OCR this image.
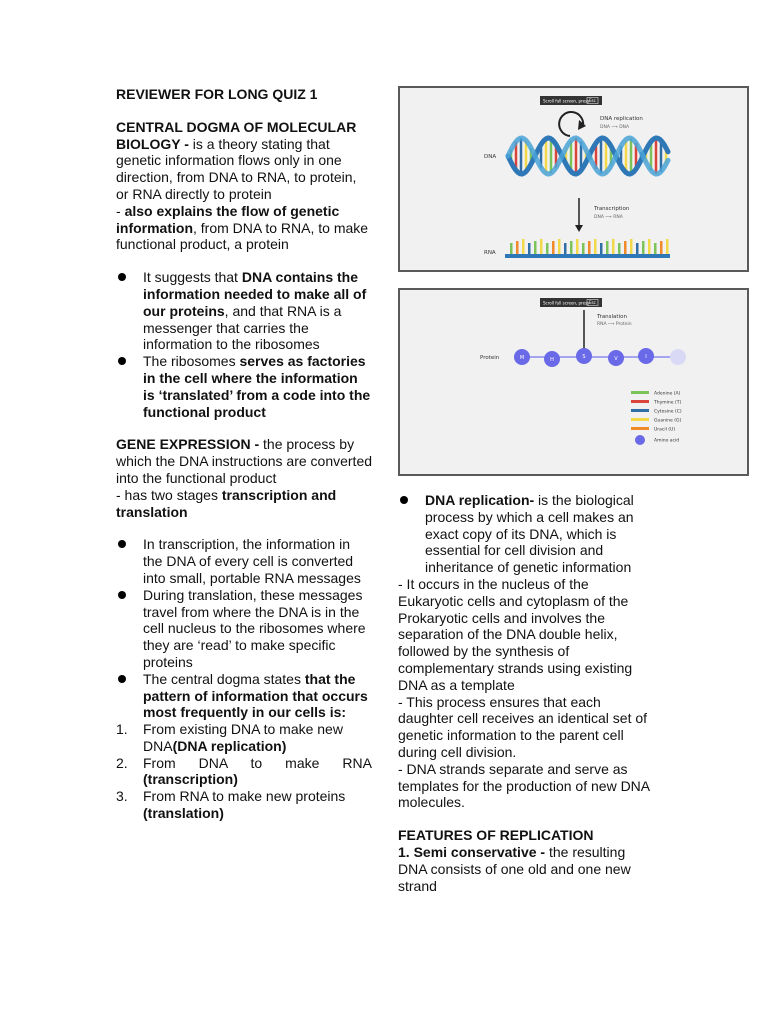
REVIEWER FOR LONG QUIZ 1

CENTRAL DOGMA OF MOLECULAR BIOLOGY - is a theory stating that genetic information flows only in one direction, from DNA to RNA, to protein, or RNA directly to protein

- also explains the flow of genetic information, from DNA to RNA, to make functional product, a protein

It suggests that DNA contains the information needed to make all of our proteins, and that RNA is a messenger that carries the information to the ribosomes
The ribosomes serves as factories in the cell where the information is ‘translated’ from a code into the functional product

GENE EXPRESSION - the process by which the DNA instructions are converted into the functional product

- has two stages transcription and translation

In transcription, the information in the DNA of every cell is converted into small, portable RNA messages
During translation, these messages travel from where the DNA is in the cell nucleus to the ribosomes where they are ‘read’ to make specific proteins
The central dogma states that the pattern of information that occurs most frequently in our cells is:
1. From existing DNA to make new DNA(DNA replication)
2. From DNA to make RNA
(transcription)
3. From RNA to make new proteins
(translation)
Scroll full screen, press Esc
DNA replication
DNA ⟶ DNA
DNA
Transcription
DNA ⟶ RNA
RNA
Scroll full screen, press Esc
Translation
RNA ⟶ Protein
Protein	M	H	S	V	I
Adenine (A)
Thymine (T)
Cytosine (C)
Guanine (G)
Uracil (U)
Amino acid
DNA replication- is the biological process by which a cell makes an exact copy of its DNA, which is essential for cell division and inheritance of genetic information

- It occurs in the nucleus of the Eukaryotic cells and cytoplasm of the Prokaryotic cells and involves the separation of the DNA double helix, followed by the synthesis of complementary strands using existing DNA as a template

- This process ensures that each daughter cell receives an identical set of genetic information to the parent cell during cell division.

- DNA strands separate and serve as templates for the production of new DNA molecules.

FEATURES OF REPLICATION

1. Semi conservative - the resulting DNA consists of one old and one new strand
